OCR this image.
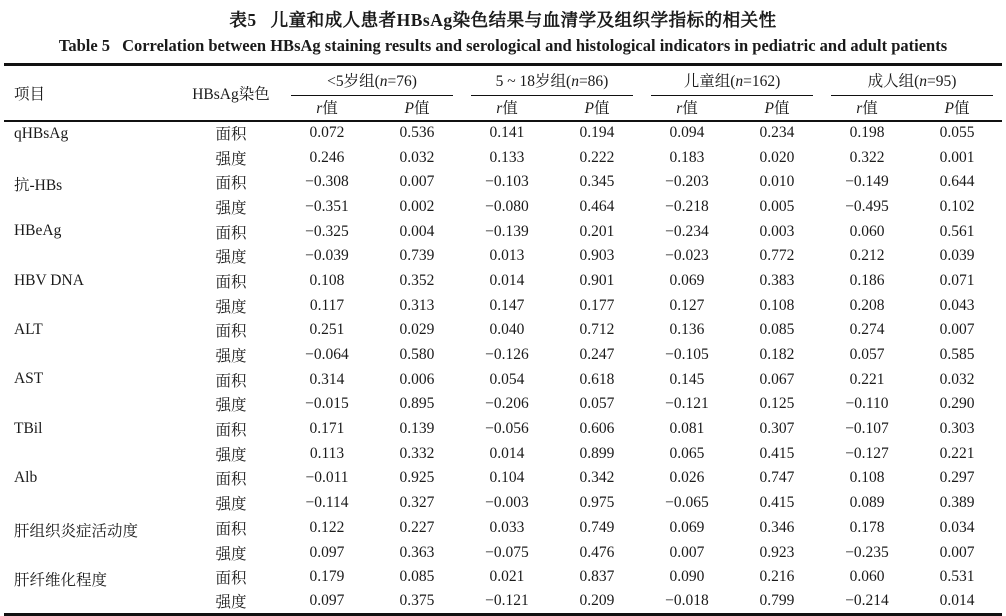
表5 儿童和成人患者HBsAg染色结果与血清学及组织学指标的相关性
Table 5 Correlation between HBsAg staining results and serological and histological indicators in pediatric and adult patients
项目	HBsAg染色	<5岁组(n=76)		5 ~ 18岁组(n=86)		儿童组(n=162)		成人组(n=95)	

		r值	P值	r值	P值	r值	P值	r值	P值
qHBsAg	面积	0.072	0.536	0.141	0.194	0.094	0.234	0.198	0.055
	强度	0.246	0.032	0.133	0.222	0.183	0.020	0.322	0.001
抗-HBs	面积	−0.308	0.007	−0.103	0.345	−0.203	0.010	−0.149	0.644
	强度	−0.351	0.002	−0.080	0.464	−0.218	0.005	−0.495	0.102
HBeAg	面积	−0.325	0.004	−0.139	0.201	−0.234	0.003	0.060	0.561
	强度	−0.039	0.739	0.013	0.903	−0.023	0.772	0.212	0.039
HBV DNA	面积	0.108	0.352	0.014	0.901	0.069	0.383	0.186	0.071
	强度	0.117	0.313	0.147	0.177	0.127	0.108	0.208	0.043
ALT	面积	0.251	0.029	0.040	0.712	0.136	0.085	0.274	0.007
	强度	−0.064	0.580	−0.126	0.247	−0.105	0.182	0.057	0.585
AST	面积	0.314	0.006	0.054	0.618	0.145	0.067	0.221	0.032
	强度	−0.015	0.895	−0.206	0.057	−0.121	0.125	−0.110	0.290
TBil	面积	0.171	0.139	−0.056	0.606	0.081	0.307	−0.107	0.303
	强度	0.113	0.332	0.014	0.899	0.065	0.415	−0.127	0.221
Alb	面积	−0.011	0.925	0.104	0.342	0.026	0.747	0.108	0.297
	强度	−0.114	0.327	−0.003	0.975	−0.065	0.415	0.089	0.389
肝组织炎症活动度	面积	0.122	0.227	0.033	0.749	0.069	0.346	0.178	0.034
	强度	0.097	0.363	−0.075	0.476	0.007	0.923	−0.235	0.007
肝纤维化程度	面积	0.179	0.085	0.021	0.837	0.090	0.216	0.060	0.531
	强度	0.097	0.375	−0.121	0.209	−0.018	0.799	−0.214	0.014
